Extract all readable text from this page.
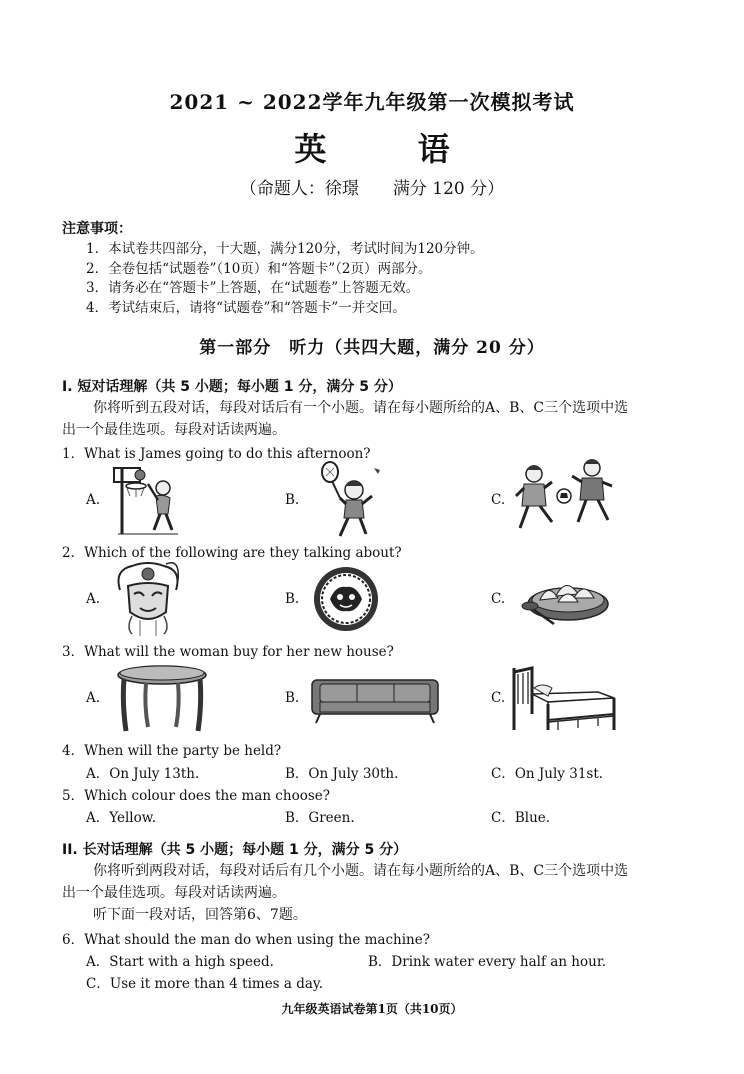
2021 ~ 2022学年九年级第一次模拟考试
英 语
（命题人：徐璟　　满分 120 分）
注意事项：
1．本试卷共四部分，十大题，满分120分，考试时间为120分钟。
2．全卷包括“试题卷”（10页）和“答题卡”（2页）两部分。
3．请务必在“答题卡”上答题，在“试题卷”上答题无效。
4．考试结束后，请将“试题卷”和“答题卡”一并交回。
第一部分　听力（共四大题，满分 20 分）
I. 短对话理解（共 5 小题；每小题 1 分，满分 5 分）
你将听到五段对话，每段对话后有一个小题。请在每小题所给的A、B、C三个选项中选
出一个最佳选项。每段对话读两遍。
1．What is James going to do this afternoon?
A.	B.	C.
2．Which of the following are they talking about?
A.	B.	C.
3．What will the woman buy for her new house?
A.	B.	C.
4．When will the party be held?
A．On July 13th.	B．On July 30th.	C．On July 31st.
5．Which colour does the man choose?
A．Yellow.	B．Green.	C．Blue.
II. 长对话理解（共 5 小题；每小题 1 分，满分 5 分）
你将听到两段对话，每段对话后有几个小题。请在每小题所给的A、B、C三个选项中选
出一个最佳选项。每段对话读两遍。
听下面一段对话，回答第6、7题。
6．What should the man do when using the machine?
A．Start with a high speed.	B．Drink water every half an hour.
C．Use it more than 4 times a day.
九年级英语试卷第1页（共10页）
